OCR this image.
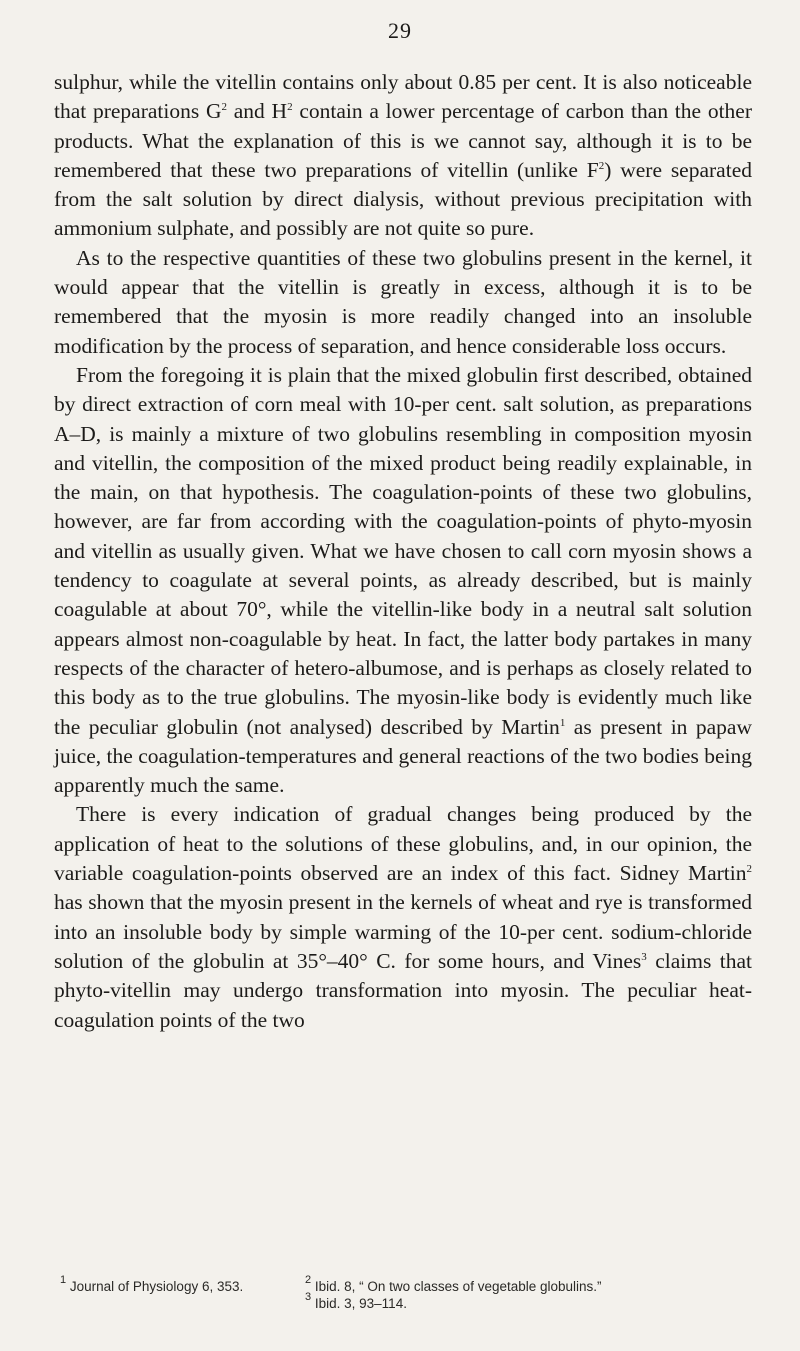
29

sulphur, while the vitellin contains only about 0.85 per cent. It is also noticeable that preparations $G^2$ and $H^2$ contain a lower percentage of carbon than the other products. What the explanation of this is we cannot say, although it is to be remembered that these two preparations of vitellin (unlike $F^2$) were separated from the salt solution by direct dialysis, without previous precipitation with ammonium sulphate, and possibly are not quite so pure.

As to the respective quantities of these two globulins present in the kernel, it would appear that the vitellin is greatly in excess, although it is to be remembered that the myosin is more readily changed into an insoluble modification by the process of separation, and hence considerable loss occurs.

From the foregoing it is plain that the mixed globulin first described, obtained by direct extraction of corn meal with 10-per cent. salt solution, as preparations A–D, is mainly a mixture of two globulins resembling in composition myosin and vitellin, the composition of the mixed product being readily explainable, in the main, on that hypothesis. The coagulation-points of these two globulins, however, are far from according with the coagulation-points of phyto-myosin and vitellin as usually given. What we have chosen to call corn myosin shows a tendency to coagulate at several points, as already described, but is mainly coagulable at about 70°, while the vitellin-like body in a neutral salt solution appears almost non-coagulable by heat. In fact, the latter body partakes in many respects of the character of hetero-albumose, and is perhaps as closely related to this body as to the true globulins. The myosin-like body is evidently much like the peculiar globulin (not analysed) described by Martin$^1$ as present in papaw juice, the coagulation-temperatures and general reactions of the two bodies being apparently much the same.

There is every indication of gradual changes being produced by the application of heat to the solutions of these globulins, and, in our opinion, the variable coagulation-points observed are an index of this fact. Sidney Martin$^2$ has shown that the myosin present in the kernels of wheat and rye is transformed into an insoluble body by simple warming of the 10-per cent. sodium-chloride solution of the globulin at 35°–40° C. for some hours, and Vines$^3$ claims that phyto-vitellin may undergo transformation into myosin. The peculiar heat-coagulation points of the two

$^1$ Journal of Physiology 6, 353.	$^2$ Ibid. 8, “ On two classes of vegetable globulins.”
$^3$ Ibid. 3, 93–114.
